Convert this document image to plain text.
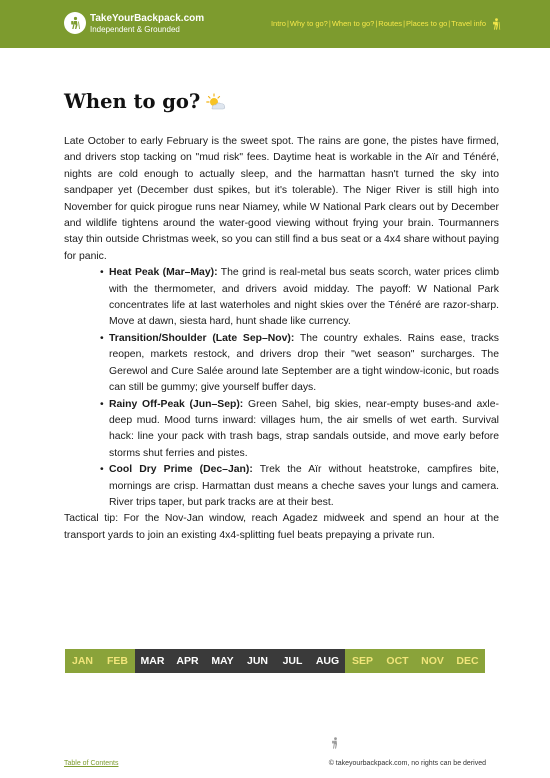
TakeYourBackpack.com
Independent & Grounded
Intro | Why to go? | When to go? | Routes | Places to go | Travel info
When to go?

Late October to early February is the sweet spot. The rains are gone, the pistes have firmed, and drivers stop tacking on "mud risk" fees. Daytime heat is workable in the Aïr and Ténéré, nights are cold enough to actually sleep, and the harmattan hasn't turned the sky into sandpaper yet (December dust spikes, but it's tolerable). The Niger River is still high into November for quick pirogue runs near Niamey, while W National Park clears out by December and wildlife tightens around the water-good viewing without frying your brain. Tourmanners stay thin outside Christmas week, so you can still find a bus seat or a 4x4 share without paying for panic.

• Heat Peak (Mar–May): The grind is real-metal bus seats scorch, water prices climb with the thermometer, and drivers avoid midday. The payoff: W National Park concentrates life at last waterholes and night skies over the Ténéré are razor-sharp. Move at dawn, siesta hard, hunt shade like currency.
• Transition/Shoulder (Late Sep–Nov): The country exhales. Rains ease, tracks reopen, markets restock, and drivers drop their "wet season" surcharges. The Gerewol and Cure Salée around late September are a tight window-iconic, but roads can still be gummy; give yourself buffer days.
• Rainy Off-Peak (Jun–Sep): Green Sahel, big skies, near-empty buses-and axle-deep mud. Mood turns inward: villages hum, the air smells of wet earth. Survival hack: line your pack with trash bags, strap sandals outside, and move early before storms shut ferries and pistes.
• Cool Dry Prime (Dec–Jan): Trek the Aïr without heatstroke, campfires bite, mornings are crisp. Harmattan dust means a cheche saves your lungs and camera. River trips taper, but park tracks are at their best.

Tactical tip: For the Nov-Jan window, reach Agadez midweek and spend an hour at the transport yards to join an existing 4x4-splitting fuel beats prepaying a private run.

JAN	FEB	MAR	APR	MAY	JUN	JUL	AUG	SEP	OCT	NOV	DEC
Table of Contents	© takeyourbackpack.com, no rights can be derived
